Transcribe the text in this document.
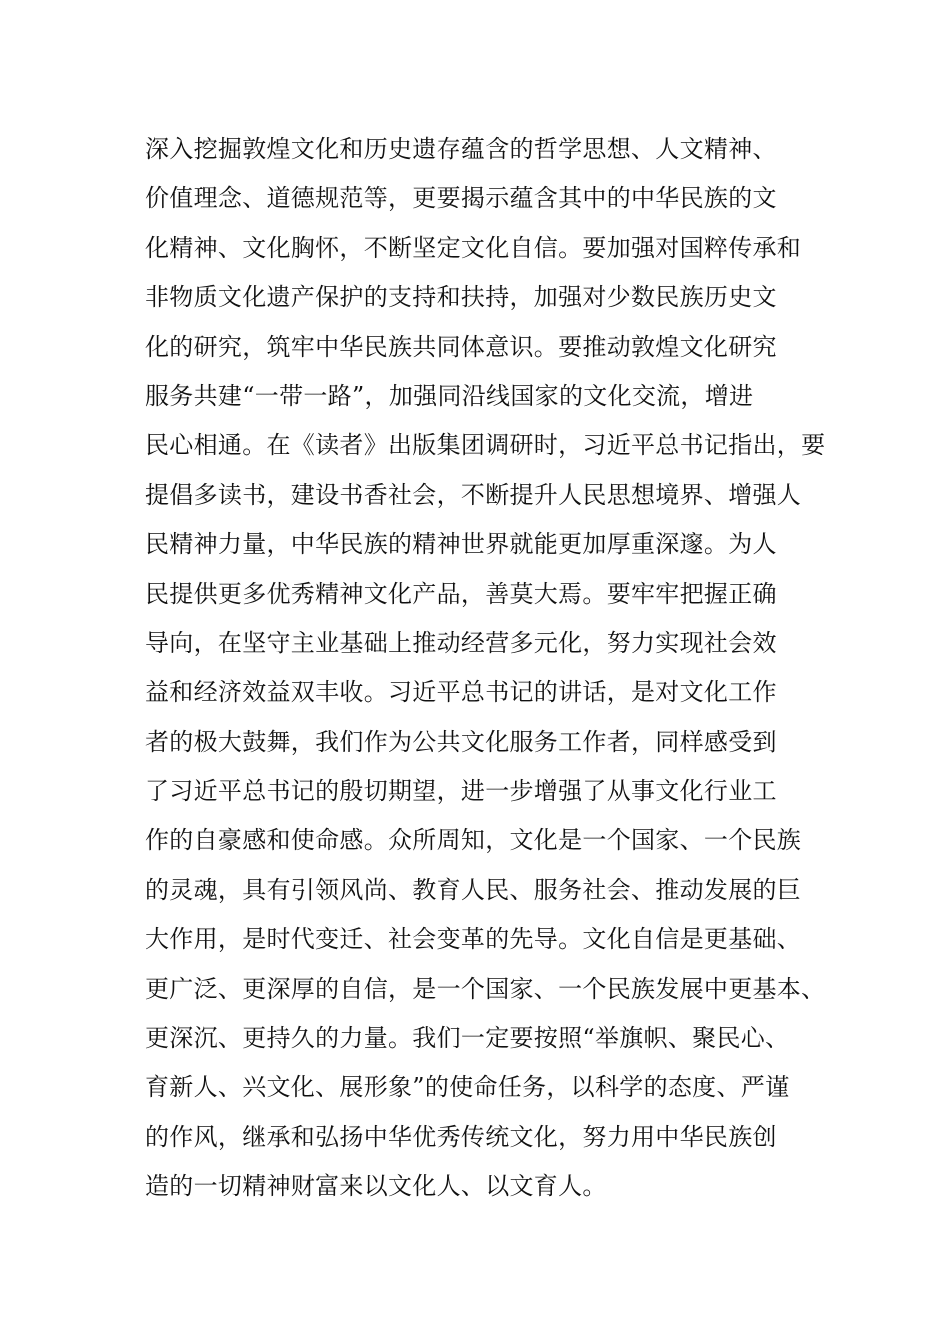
深入挖掘敦煌文化和历史遗存蕴含的哲学思想、人文精神、
价值理念、道德规范等，更要揭示蕴含其中的中华民族的文
化精神、文化胸怀，不断坚定文化自信。要加强对国粹传承和
非物质文化遗产保护的支持和扶持，加强对少数民族历史文
化的研究，筑牢中华民族共同体意识。要推动敦煌文化研究
服务共建“一带一路”，加强同沿线国家的文化交流，增进
民心相通。在《读者》出版集团调研时，习近平总书记指出，要
提倡多读书，建设书香社会，不断提升人民思想境界、增强人
民精神力量，中华民族的精神世界就能更加厚重深邃。为人
民提供更多优秀精神文化产品，善莫大焉。要牢牢把握正确
导向，在坚守主业基础上推动经营多元化，努力实现社会效
益和经济效益双丰收。习近平总书记的讲话，是对文化工作
者的极大鼓舞，我们作为公共文化服务工作者，同样感受到
了习近平总书记的殷切期望，进一步增强了从事文化行业工
作的自豪感和使命感。众所周知，文化是一个国家、一个民族
的灵魂，具有引领风尚、教育人民、服务社会、推动发展的巨
大作用，是时代变迁、社会变革的先导。文化自信是更基础、
更广泛、更深厚的自信，是一个国家、一个民族发展中更基本、
更深沉、更持久的力量。我们一定要按照“举旗帜、聚民心、
育新人、兴文化、展形象”的使命任务，以科学的态度、严谨
的作风，继承和弘扬中华优秀传统文化，努力用中华民族创
造的一切精神财富来以文化人、以文育人。
